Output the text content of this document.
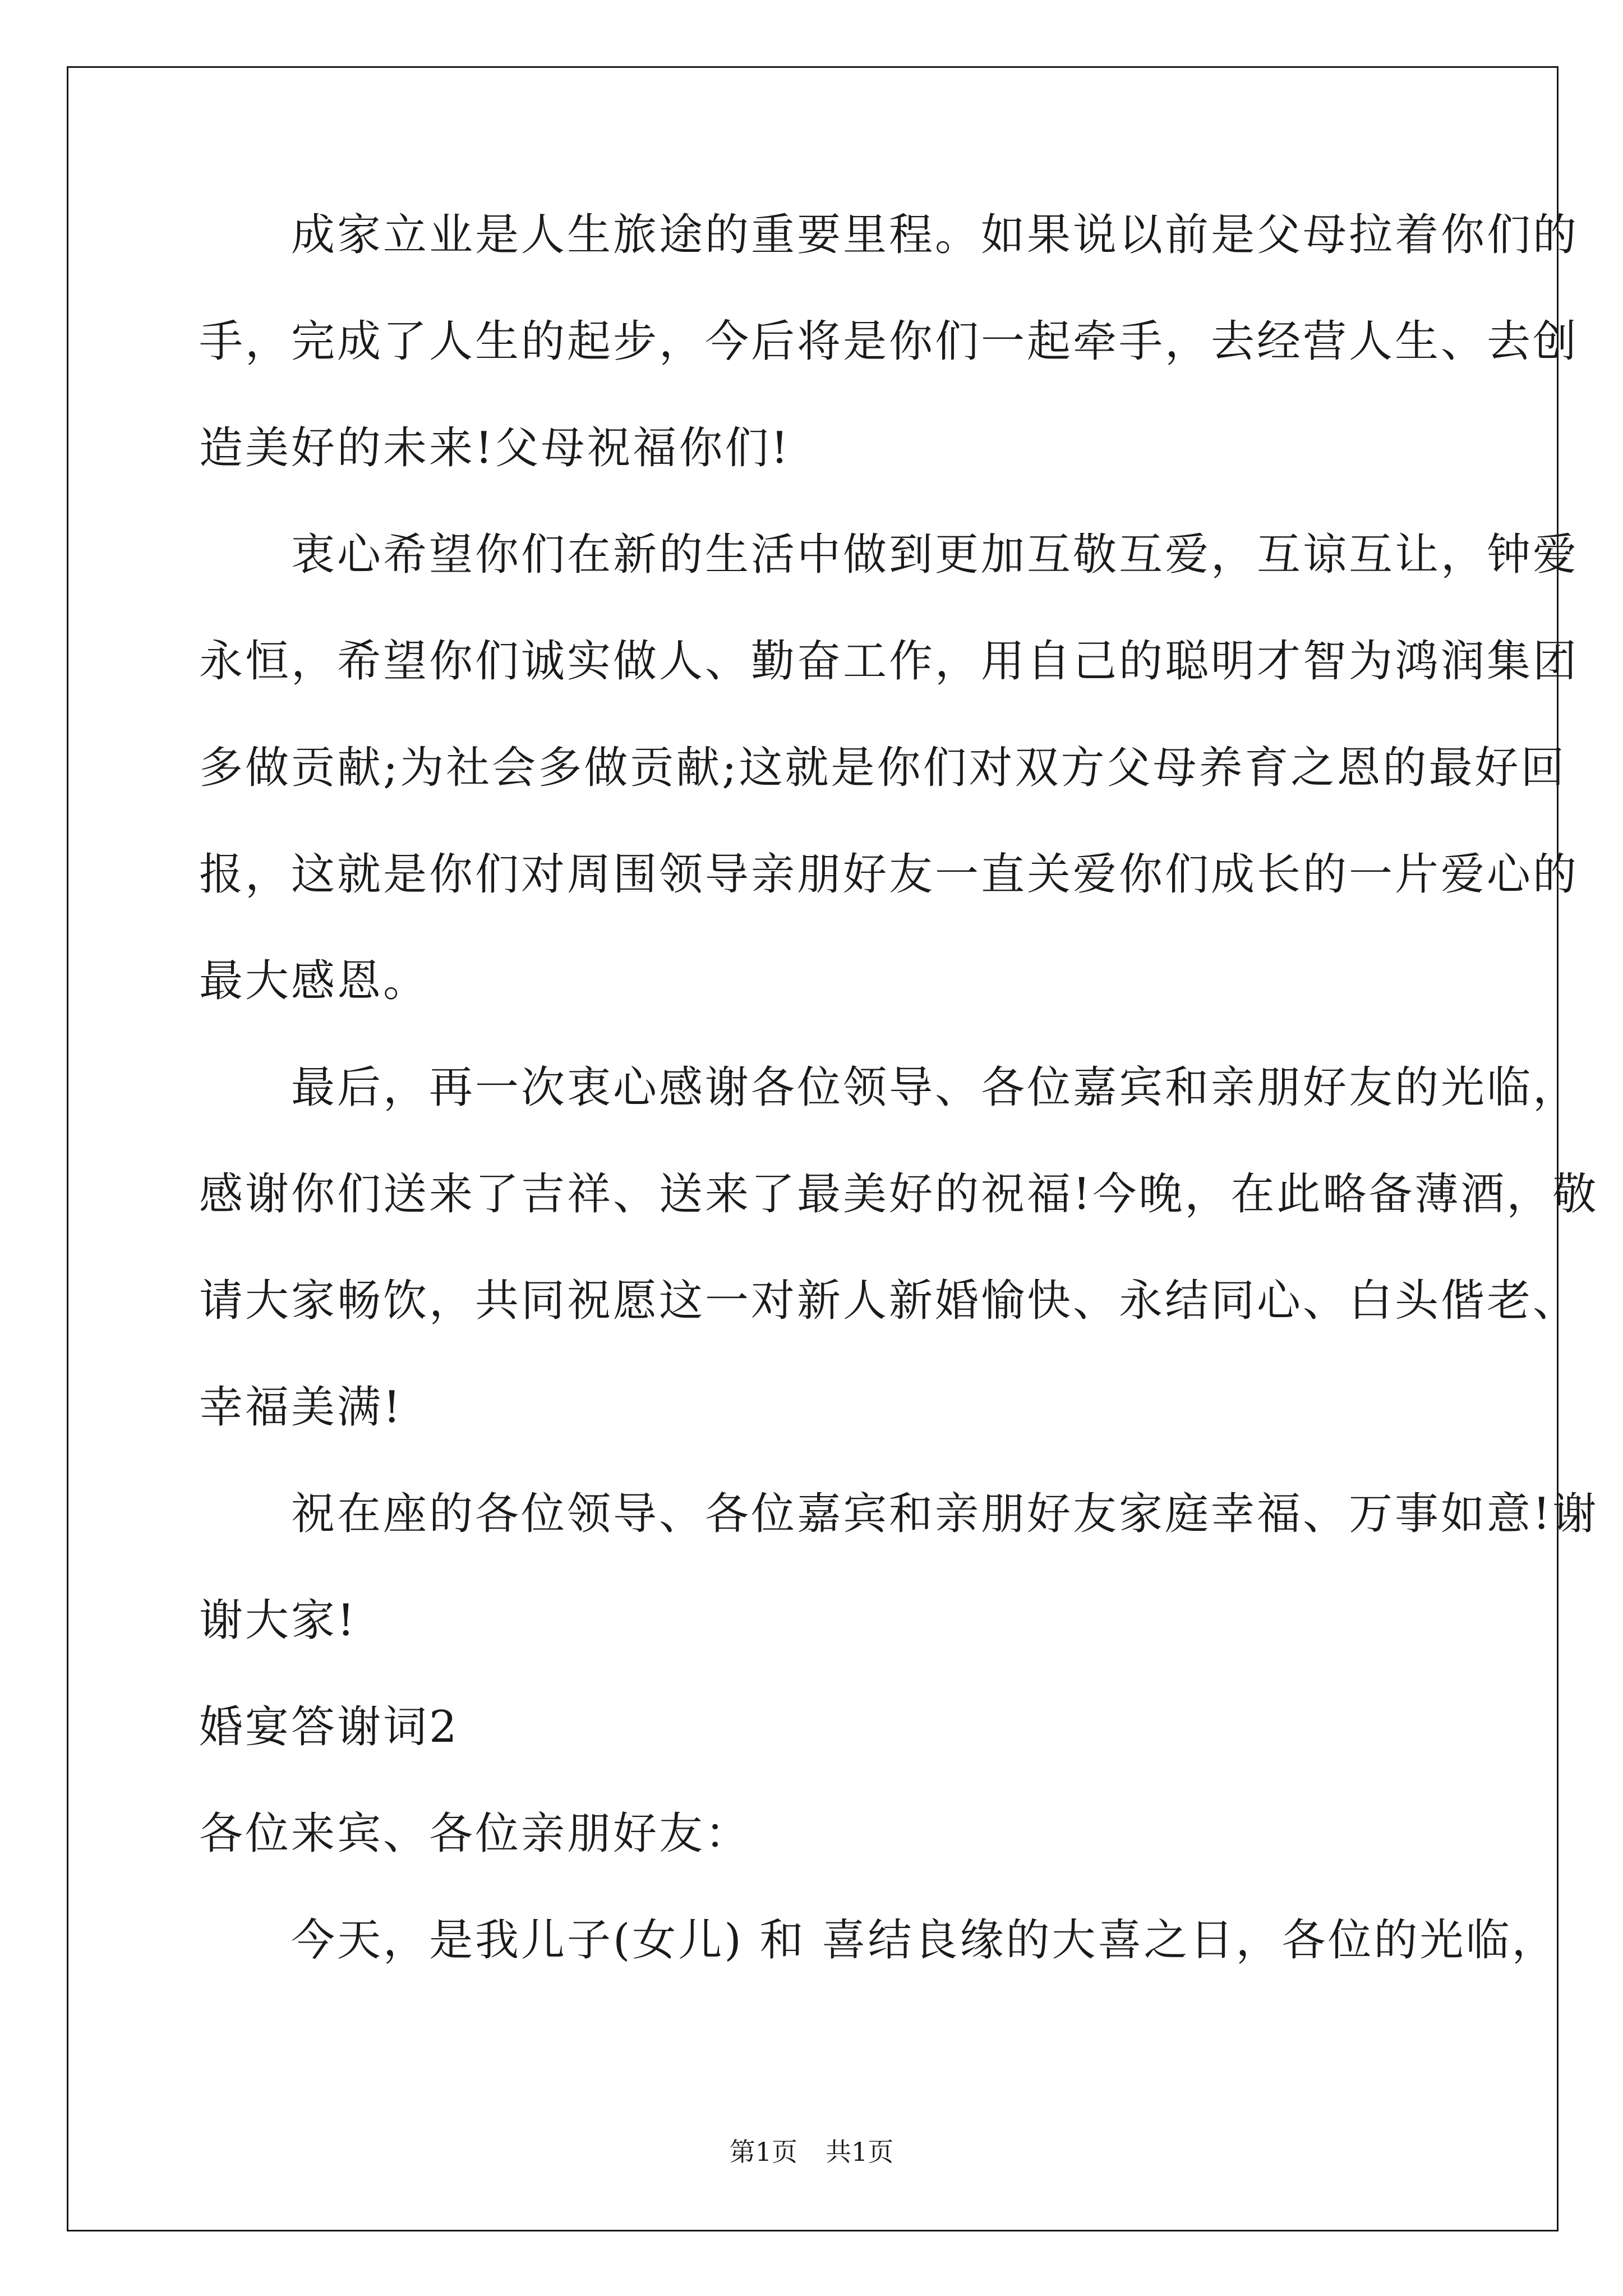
　　成家立业是人生旅途的重要里程。如果说以前是父母拉着你们的
手，完成了人生的起步，今后将是你们一起牵手，去经营人生、去创
造美好的未来!父母祝福你们!
　　衷心希望你们在新的生活中做到更加互敬互爱，互谅互让，钟爱
永恒，希望你们诚实做人、勤奋工作，用自己的聪明才智为鸿润集团
多做贡献;为社会多做贡献;这就是你们对双方父母养育之恩的最好回
报，这就是你们对周围领导亲朋好友一直关爱你们成长的一片爱心的
最大感恩。
　　最后，再一次衷心感谢各位领导、各位嘉宾和亲朋好友的光临，
感谢你们送来了吉祥、送来了最美好的祝福!今晚，在此略备薄酒，敬
请大家畅饮，共同祝愿这一对新人新婚愉快、永结同心、白头偕老、
幸福美满!
　　祝在座的各位领导、各位嘉宾和亲朋好友家庭幸福、万事如意!谢
谢大家!
婚宴答谢词2
各位来宾、各位亲朋好友：
　　今天，是我儿子(女儿) 和 喜结良缘的大喜之日，各位的光临，
第1页 共1页
